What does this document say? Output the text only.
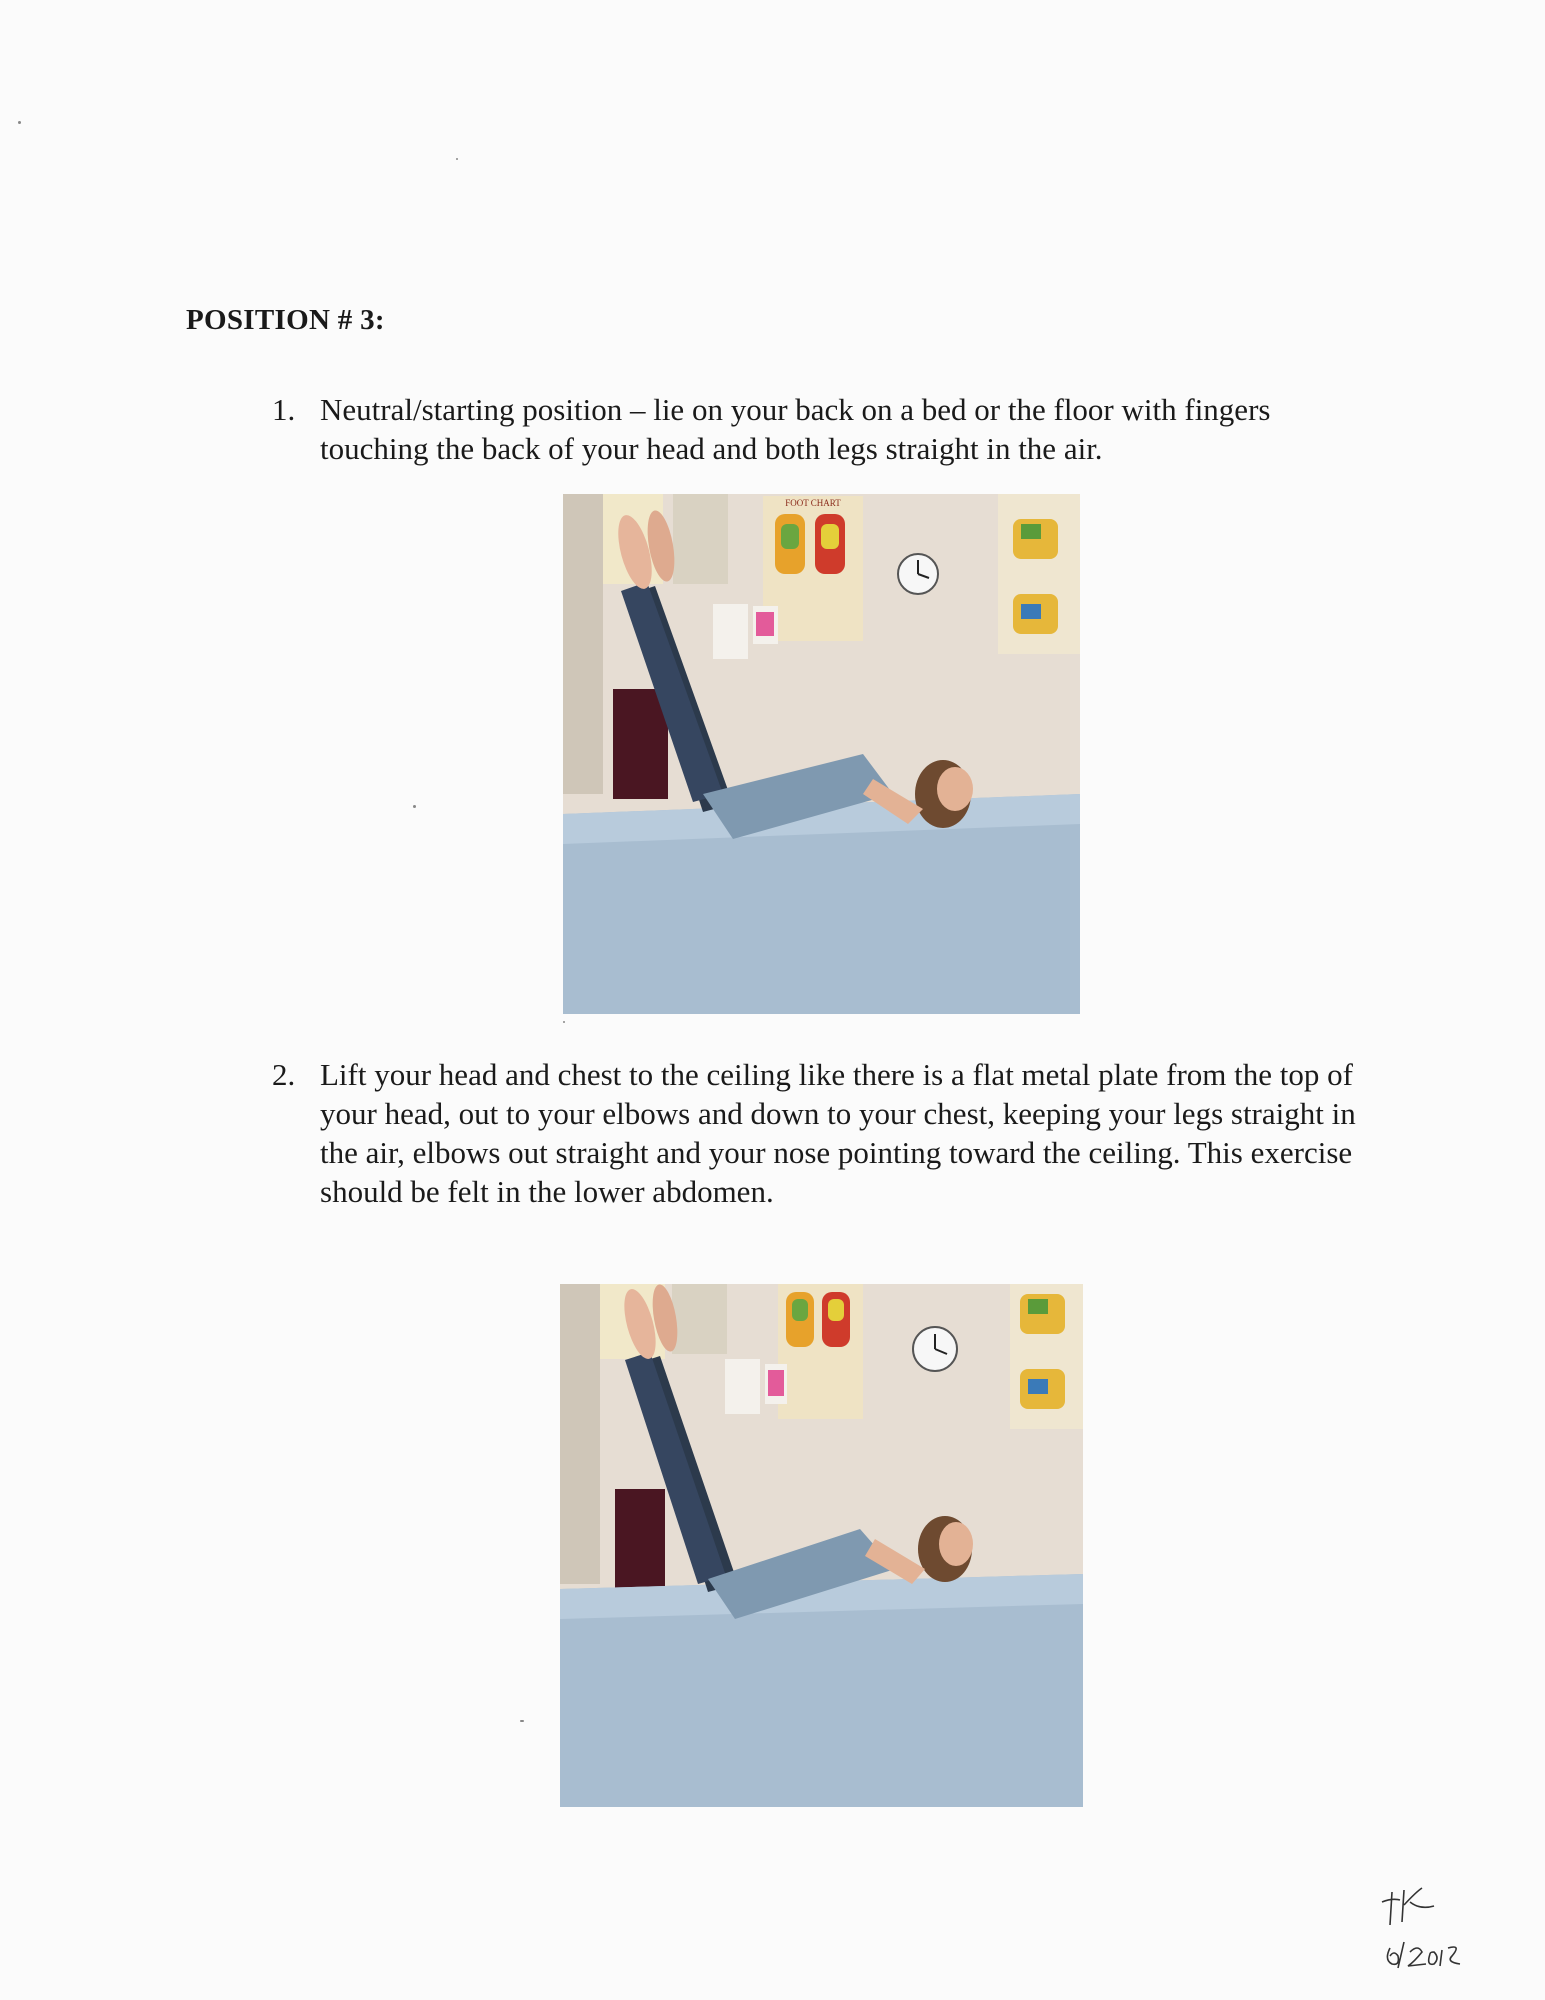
POSITION # 3:
1. Neutral/starting position – lie on your back on a bed or the floor with fingers touching the back of your head and both legs straight in the air.
FOOT CHART
2. Lift your head and chest to the ceiling like there is a flat metal plate from the top of your head, out to your elbows and down to your chest, keeping your legs straight in the air, elbows out straight and your nose pointing toward the ceiling. This exercise should be felt in the lower abdomen.
